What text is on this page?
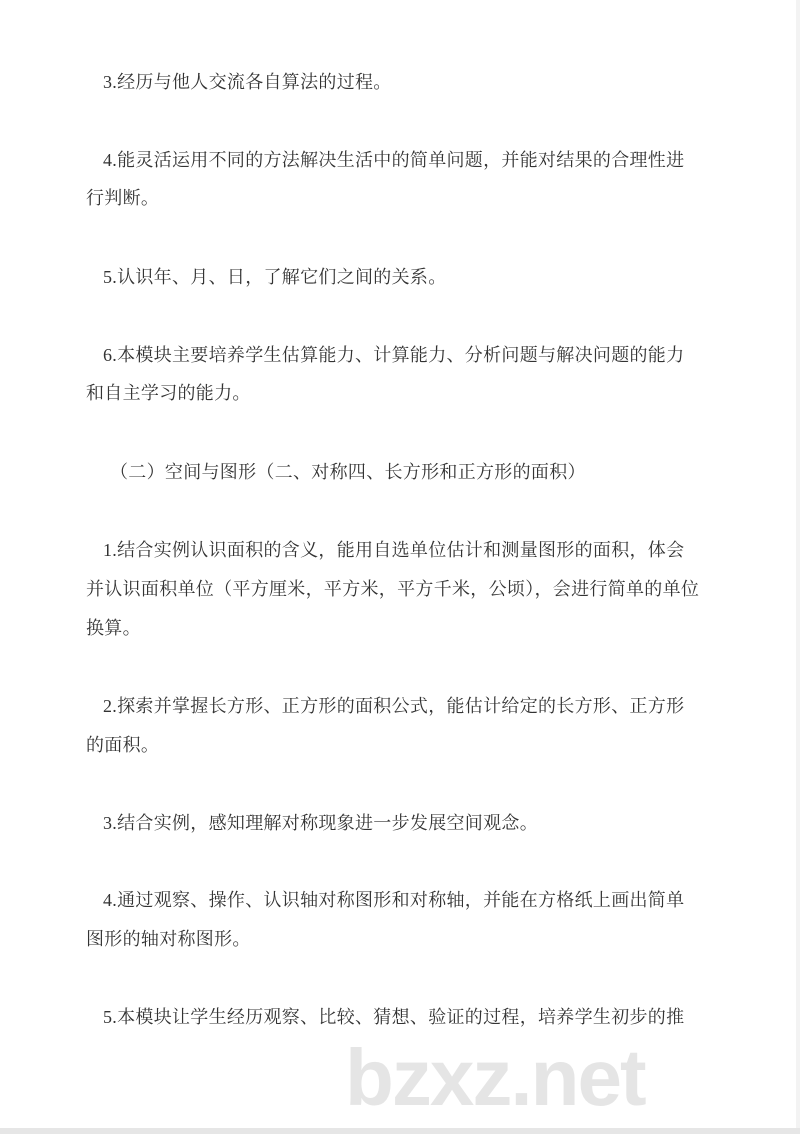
3.经历与他人交流各自算法的过程。
4.能灵活运用不同的方法解决生活中的简单问题，并能对结果的合理性进
行判断。
5.认识年、月、日，了解它们之间的关系。
6.本模块主要培养学生估算能力、计算能力、分析问题与解决问题的能力
和自主学习的能力。
（二）空间与图形（二、对称四、长方形和正方形的面积）
1.结合实例认识面积的含义，能用自选单位估计和测量图形的面积，体会
并认识面积单位（平方厘米，平方米，平方千米，公顷），会进行简单的单位
换算。
2.探索并掌握长方形、正方形的面积公式，能估计给定的长方形、正方形
的面积。
3.结合实例，感知理解对称现象进一步发展空间观念。
4.通过观察、操作、认识轴对称图形和对称轴，并能在方格纸上画出简单
图形的轴对称图形。
5.本模块让学生经历观察、比较、猜想、验证的过程，培养学生初步的推
bzxz.net
